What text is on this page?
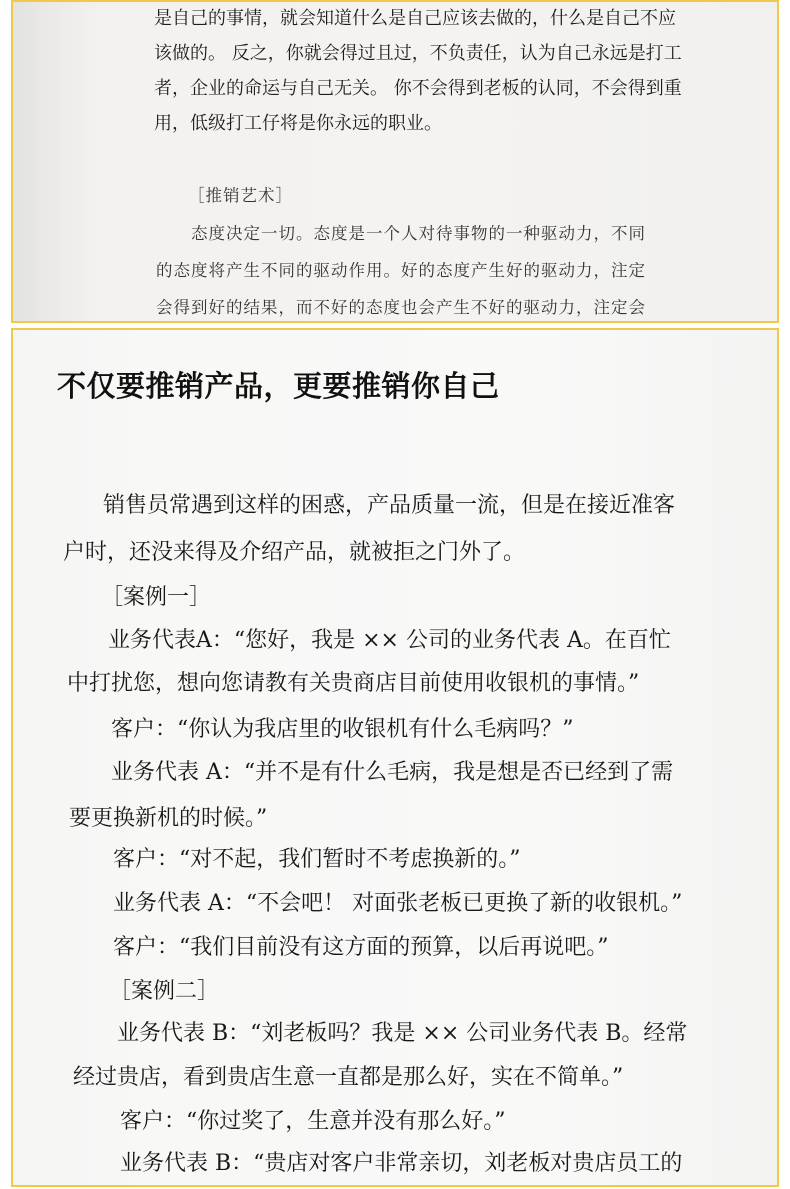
是自己的事情，就会知道什么是自己应该去做的，什么是自己不应
该做的。 反之，你就会得过且过，不负责任，认为自己永远是打工
者，企业的命运与自己无关。 你不会得到老板的认同，不会得到重
用，低级打工仔将是你永远的职业。
［推销艺术］
态度决定一切。态度是一个人对待事物的一种驱动力，不同
的态度将产生不同的驱动作用。好的态度产生好的驱动力，注定
会得到好的结果，而不好的态度也会产生不好的驱动力，注定会
不仅要推销产品，更要推销你自己
销售员常遇到这样的困惑，产品质量一流，但是在接近准客
户时，还没来得及介绍产品，就被拒之门外了。
［案例一］
业务代表A：“您好，我是 ×× 公司的业务代表 A。在百忙
中打扰您，想向您请教有关贵商店目前使用收银机的事情。”
客户：“你认为我店里的收银机有什么毛病吗？”
业务代表 A：“并不是有什么毛病，我是想是否已经到了需
要更换新机的时候。”
客户：“对不起，我们暂时不考虑换新的。”
业务代表 A：“不会吧！ 对面张老板已更换了新的收银机。”
客户：“我们目前没有这方面的预算，以后再说吧。”
［案例二］
业务代表 B：“刘老板吗？我是 ×× 公司业务代表 B。经常
经过贵店，看到贵店生意一直都是那么好，实在不简单。”
客户：“你过奖了，生意并没有那么好。”
业务代表 B：“贵店对客户非常亲切，刘老板对贵店员工的
